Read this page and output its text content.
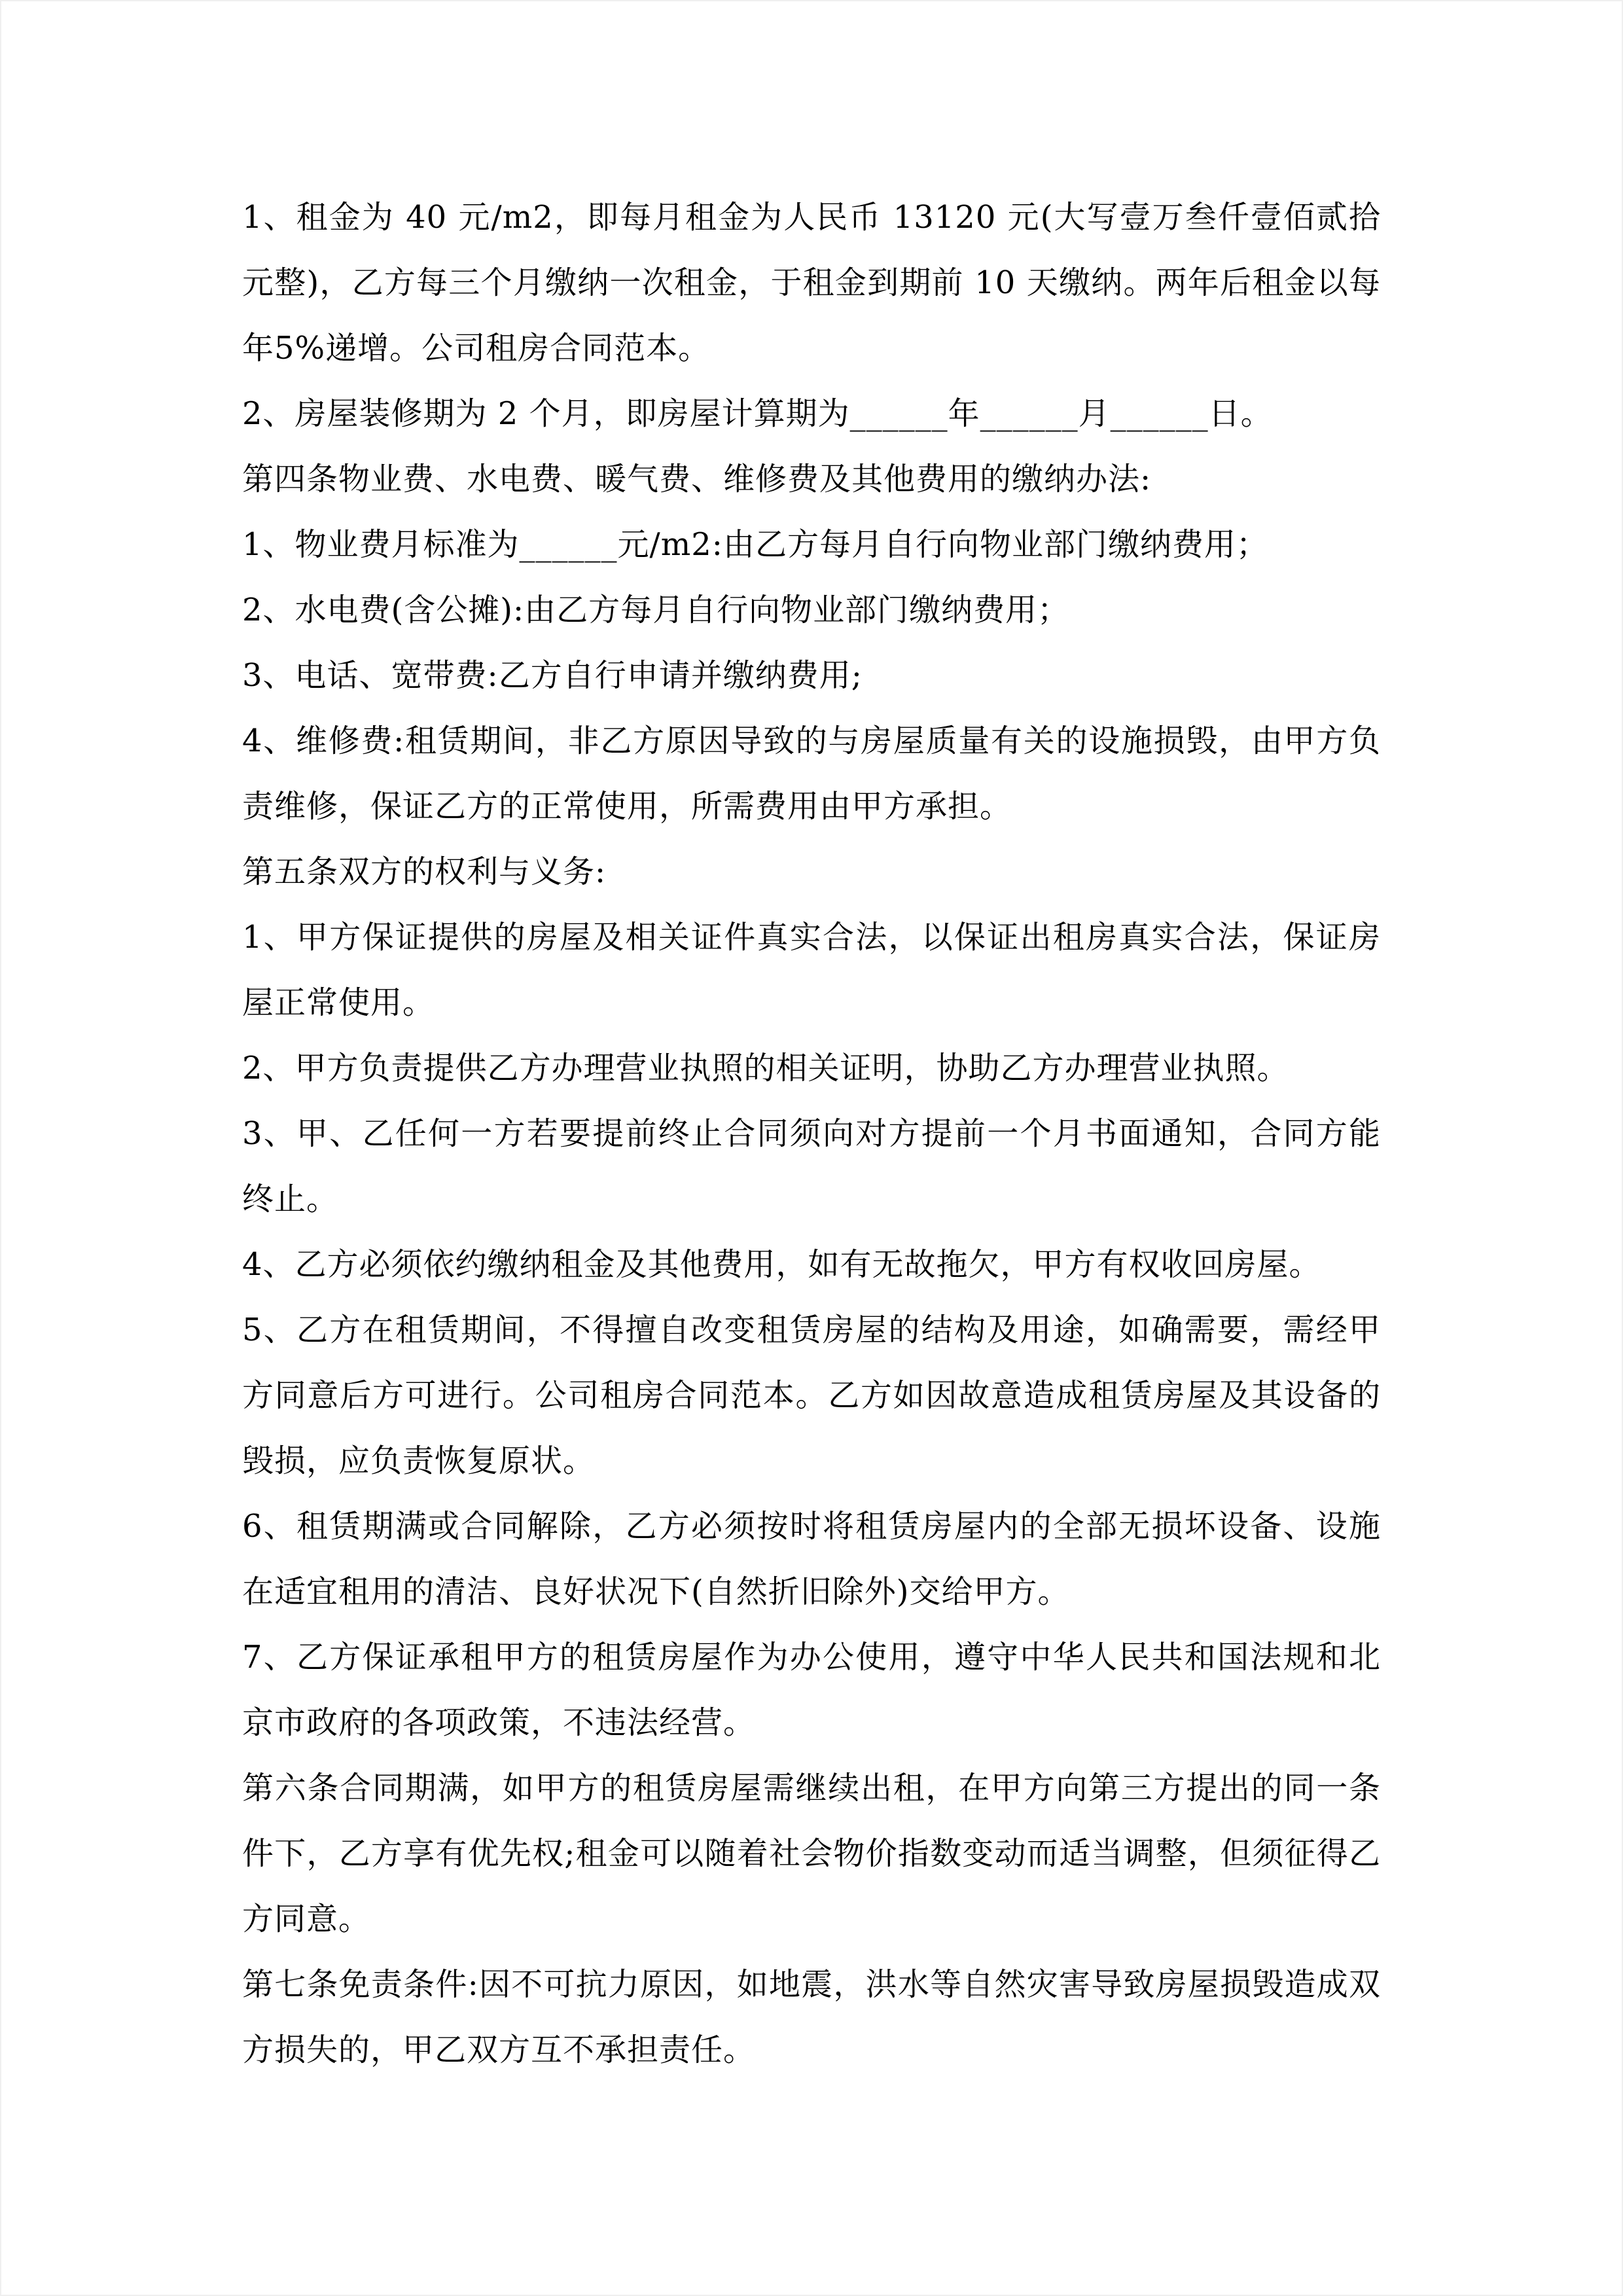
1、租金为 40 元/m2，即每月租金为人民币 13120 元(大写壹万叁仟壹佰贰拾元整)，乙方每三个月缴纳一次租金，于租金到期前 10 天缴纳。两年后租金以每年5%递增。公司租房合同范本。

2、房屋装修期为 2 个月，即房屋计算期为______年______月______日。

第四条物业费、水电费、暖气费、维修费及其他费用的缴纳办法:

1、物业费月标准为______元/m2:由乙方每月自行向物业部门缴纳费用；

2、水电费(含公摊):由乙方每月自行向物业部门缴纳费用；

3、电话、宽带费:乙方自行申请并缴纳费用;

4、维修费:租赁期间，非乙方原因导致的与房屋质量有关的设施损毁，由甲方负责维修，保证乙方的正常使用，所需费用由甲方承担。

第五条双方的权利与义务:

1、甲方保证提供的房屋及相关证件真实合法，以保证出租房真实合法，保证房屋正常使用。

2、甲方负责提供乙方办理营业执照的相关证明，协助乙方办理营业执照。

3、甲、乙任何一方若要提前终止合同须向对方提前一个月书面通知，合同方能终止。

4、乙方必须依约缴纳租金及其他费用，如有无故拖欠，甲方有权收回房屋。

5、乙方在租赁期间，不得擅自改变租赁房屋的结构及用途，如确需要，需经甲方同意后方可进行。公司租房合同范本。乙方如因故意造成租赁房屋及其设备的毁损，应负责恢复原状。

6、租赁期满或合同解除，乙方必须按时将租赁房屋内的全部无损坏设备、设施在适宜租用的清洁、良好状况下(自然折旧除外)交给甲方。

7、乙方保证承租甲方的租赁房屋作为办公使用，遵守中华人民共和国法规和北京市政府的各项政策，不违法经营。

第六条合同期满，如甲方的租赁房屋需继续出租，在甲方向第三方提出的同一条件下，乙方享有优先权;租金可以随着社会物价指数变动而适当调整，但须征得乙方同意。

第七条免责条件:因不可抗力原因，如地震，洪水等自然灾害导致房屋损毁造成双方损失的，甲乙双方互不承担责任。
